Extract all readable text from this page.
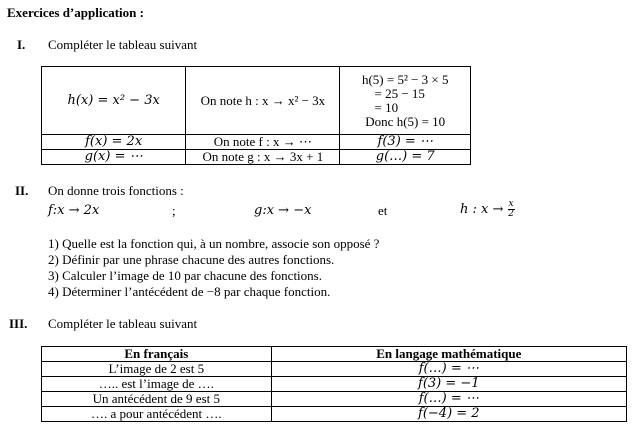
Exercices d’application :
I. Compléter le tableau suivant
h(x) = x² − 3x	On note h : x → x² − 3x	h(5) = 5² − 3 × 5
= 25 − 15
= 10
Donc h(5) = 10

f(x) = 2x	On note f : x → ⋯	f(3) = ⋯
g(x) = ⋯	On note g : x → 3x + 1	g(…) = 7
II. On donne trois fonctions :
f:x → 2x	;	g:x → −x	et	h : $x \to \frac{x}{2}$
1) Quelle est la fonction qui, à un nombre, associe son opposé ?
2) Définir par une phrase chacune des autres fonctions.
3) Calculer l’image de 10 par chacune des fonctions.
4) Déterminer l’antécédent de −8 par chaque fonction.
III. Compléter le tableau suivant
En français	En langage mathématique
L’image de 2 est 5	f(…) = ⋯
….. est l’image de ….	f(3) = −1
Un antécédent de 9 est 5	f(…) = ⋯
…. a pour antécédent ….	f(−4) = 2
